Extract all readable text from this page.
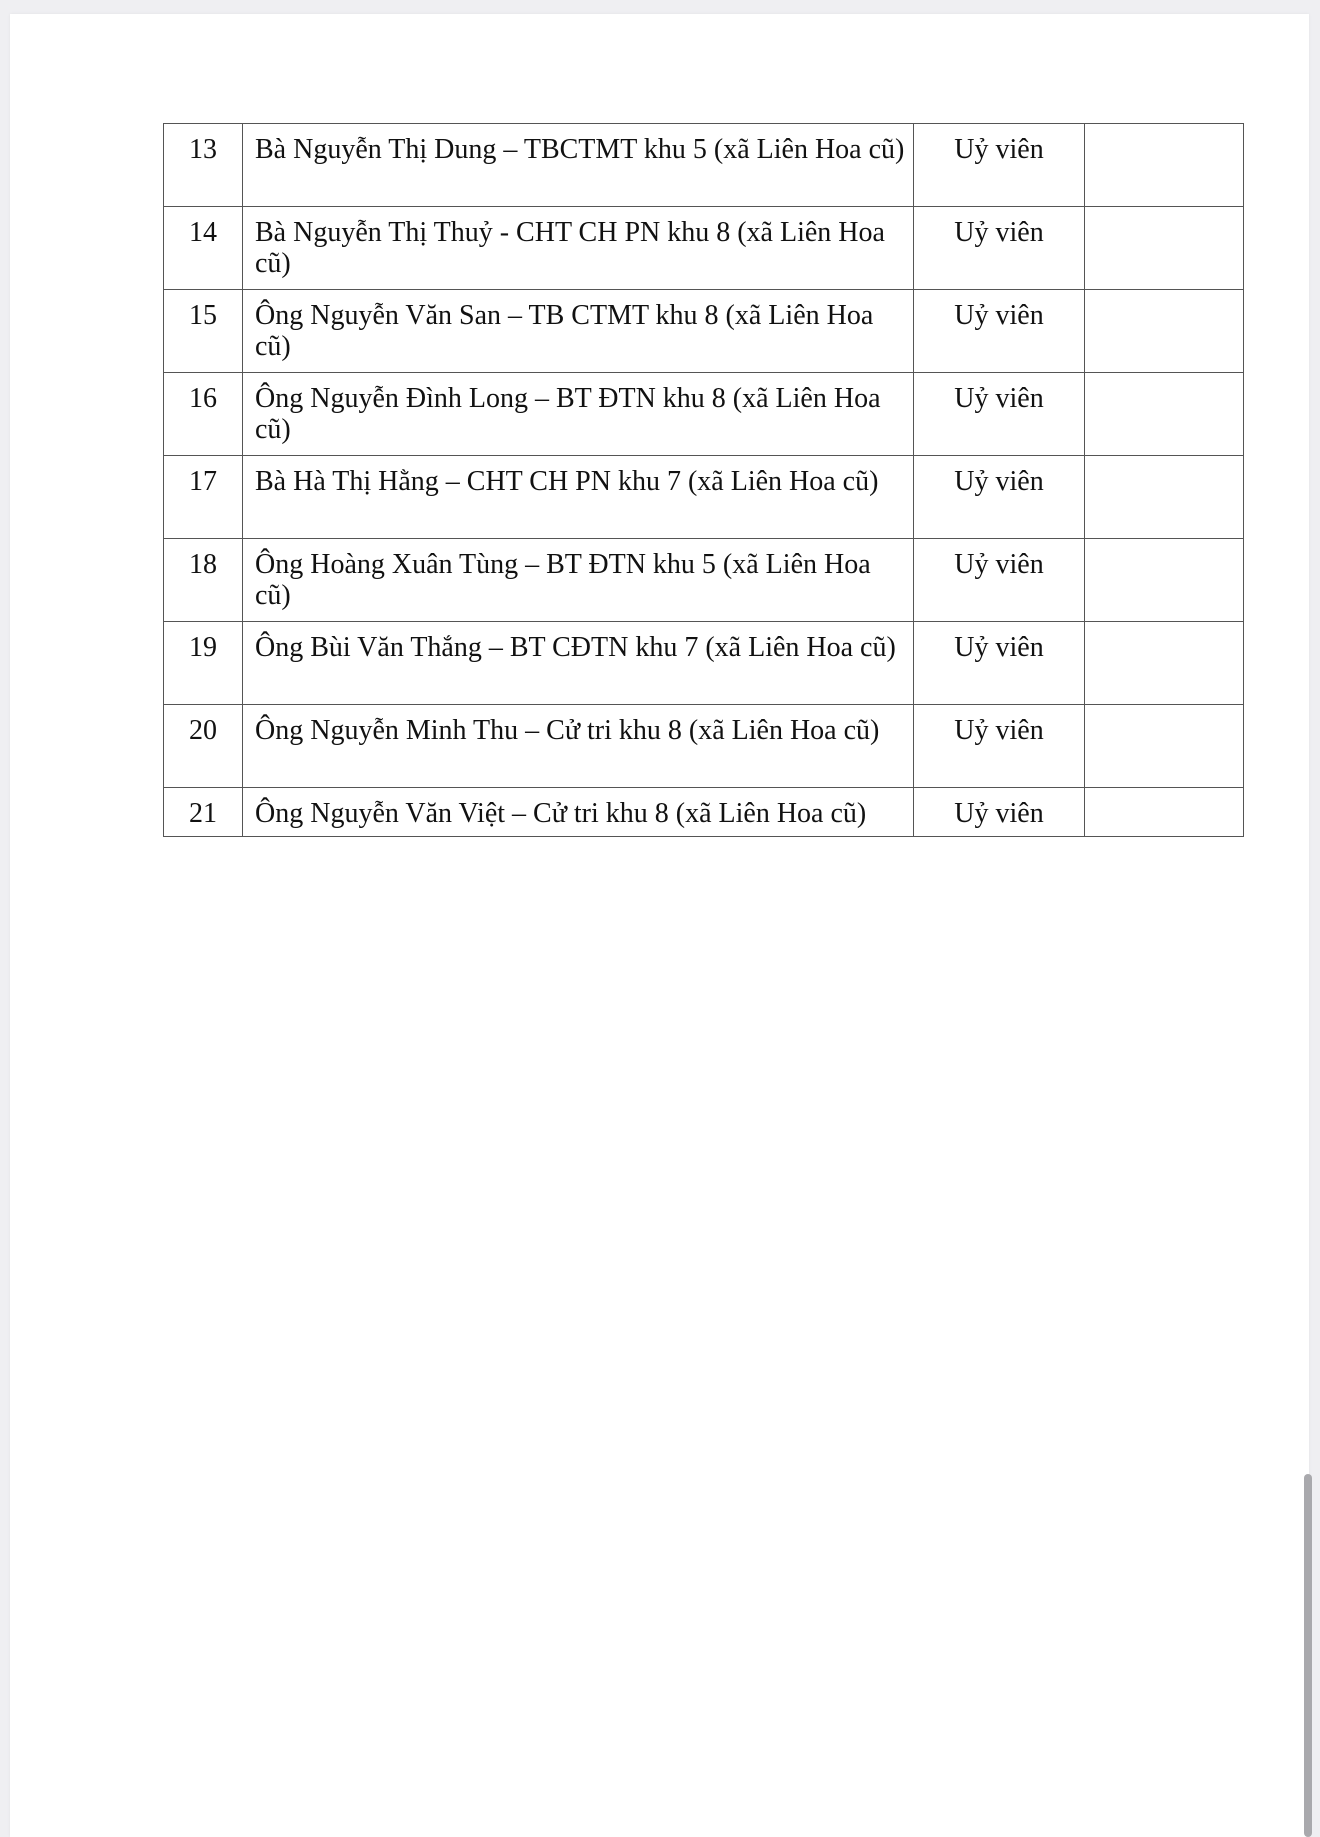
13	Bà Nguyễn Thị Dung – TBCTMT khu 5 (xã Liên Hoa cũ)	Uỷ viên	
14	Bà Nguyễn Thị Thuỷ - CHT CH PN khu 8 (xã Liên Hoa cũ)	Uỷ viên	
15	Ông Nguyễn Văn San – TB CTMT khu 8 (xã Liên Hoa cũ)	Uỷ viên	
16	Ông Nguyễn Đình Long – BT ĐTN khu 8 (xã Liên Hoa cũ)	Uỷ viên	
17	Bà Hà Thị Hằng – CHT CH PN khu 7 (xã Liên Hoa cũ)	Uỷ viên	
18	Ông Hoàng Xuân Tùng – BT ĐTN khu 5 (xã Liên Hoa cũ)	Uỷ viên	
19	Ông Bùi Văn Thắng – BT CĐTN khu 7 (xã Liên Hoa cũ)	Uỷ viên	
20	Ông Nguyễn Minh Thu – Cử tri khu 8 (xã Liên Hoa cũ)	Uỷ viên	
21	Ông Nguyễn Văn Việt – Cử tri khu 8 (xã Liên Hoa cũ)	Uỷ viên	
